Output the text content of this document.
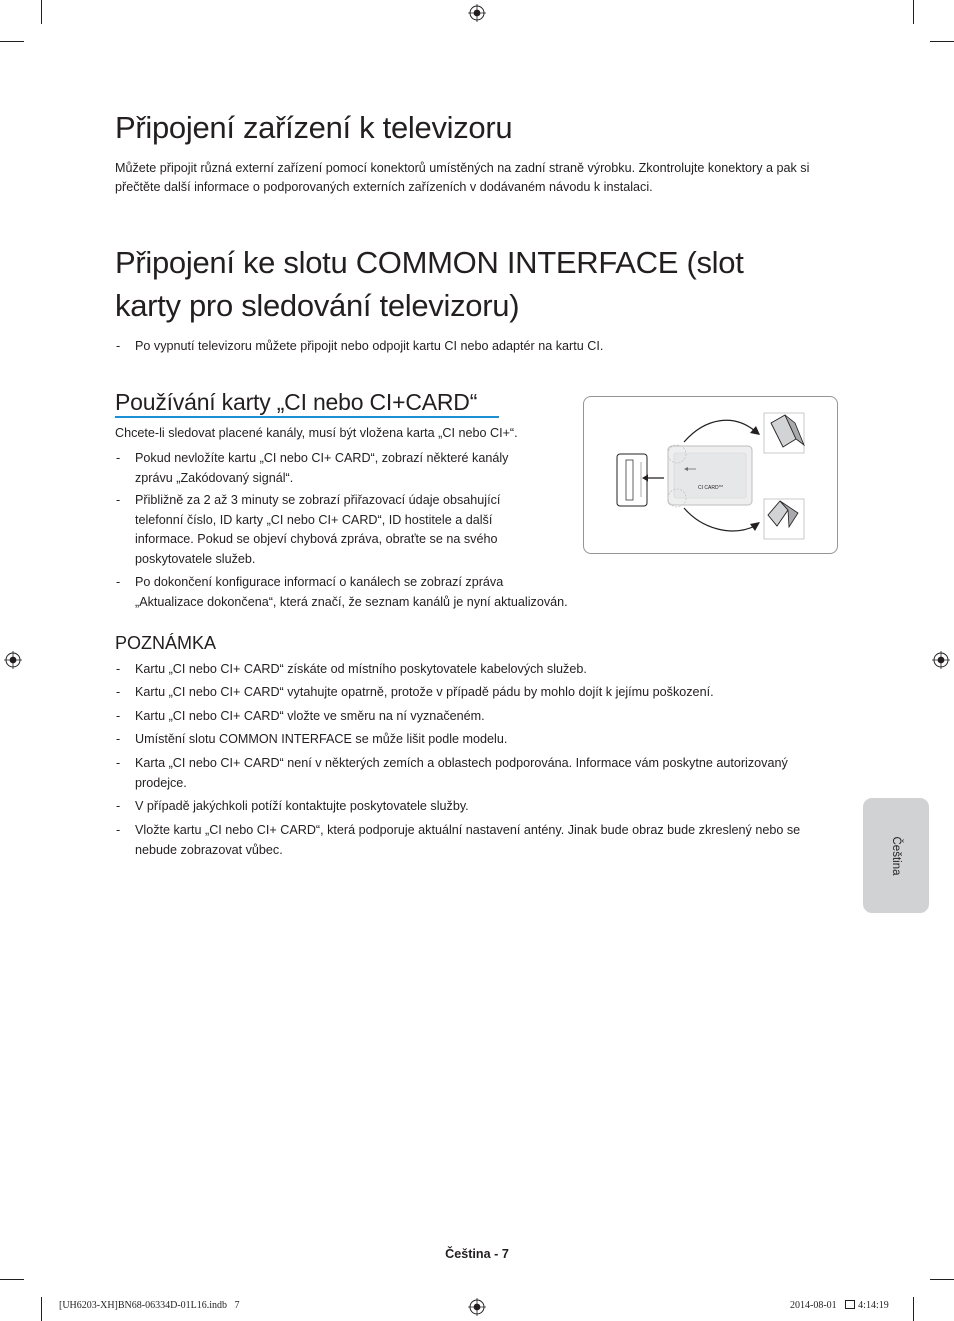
Připojení zařízení k televizoru
Můžete připojit různá externí zařízení pomocí konektorů umístěných na zadní straně výrobku. Zkontrolujte konektory a pak si
přečtěte další informace o podporovaných externích zařízeních v dodávaném návodu k instalaci.
Připojení ke slotu COMMON INTERFACE (slot
karty pro sledování televizoru)
- Po vypnutí televizoru můžete připojit nebo odpojit kartu CI nebo adaptér na kartu CI.
Používání karty „CI nebo CI+CARD“
Chcete-li sledovat placené kanály, musí být vložena karta „CI nebo CI+“.
- Pokud nevložíte kartu „CI nebo CI+ CARD“, zobrazí některé kanály
zprávu „Zakódovaný signál“.
- Přibližně za 2 až 3 minuty se zobrazí přiřazovací údaje obsahující
telefonní číslo, ID karty „CI nebo CI+ CARD“, ID hostitele a další
informace. Pokud se objeví chybová zpráva, obraťte se na svého
poskytovatele služeb.
- Po dokončení konfigurace informací o kanálech se zobrazí zpráva
„Aktualizace dokončena“, která značí, že seznam kanálů je nyní aktualizován.
CI CARD™
POZNÁMKA
- Kartu „CI nebo CI+ CARD“ získáte od místního poskytovatele kabelových služeb.
- Kartu „CI nebo CI+ CARD“ vytahujte opatrně, protože v případě pádu by mohlo dojít k jejímu poškození.
- Kartu „CI nebo CI+ CARD“ vložte ve směru na ní vyznačeném.
- Umístění slotu COMMON INTERFACE se může lišit podle modelu.
- Karta „CI nebo CI+ CARD“ není v některých zemích a oblastech podporována. Informace vám poskytne autorizovaný
prodejce.
- V případě jakýchkoli potíží kontaktujte poskytovatele služby.
- Vložte kartu „CI nebo CI+ CARD“, která podporuje aktuální nastavení antény. Jinak bude obraz bude zkreslený nebo se
nebude zobrazovat vůbec.	Čeština
Čeština - 7
[UH6203-XH]BN68-06334D-01L16.indb   7	2014-08-01 4:14:19
